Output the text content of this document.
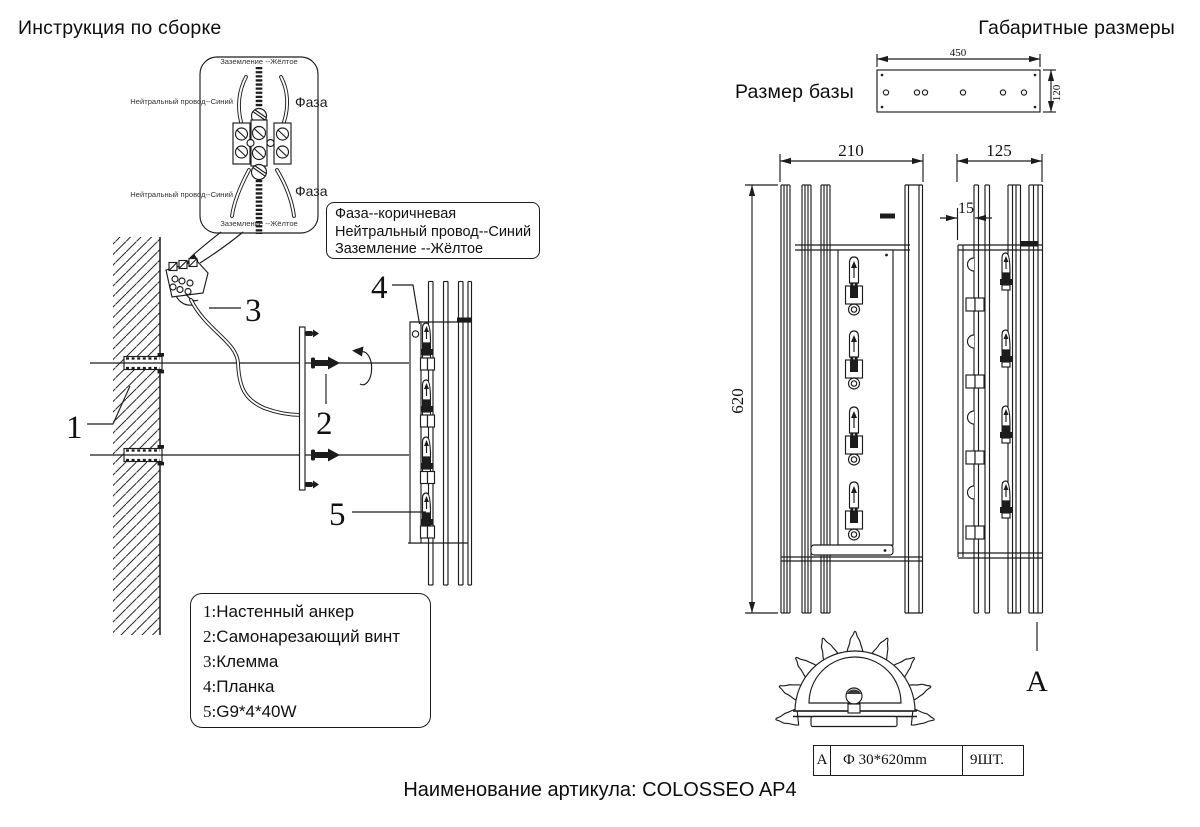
Заземление --Жёлтое
Нейтральный провод--Синий	Фаза
Нейтральный провод--Синий	Фаза
Заземление --Жёлтое
1	2
3
4
5
450
120
210
620
125
15
A
Инструкция по сборке	Габаритные размеры
Размер базы
Фаза--коричневая
Нейтральный провод--Синий
Заземление --Жёлтое
1:Настенный анкер
2:Самонарезающий винт
3:Клемма
4:Планка
5:G9*4*40W
A	Ф 30*620mm	9ШТ.
Наименование артикула: COLOSSEO AP4
